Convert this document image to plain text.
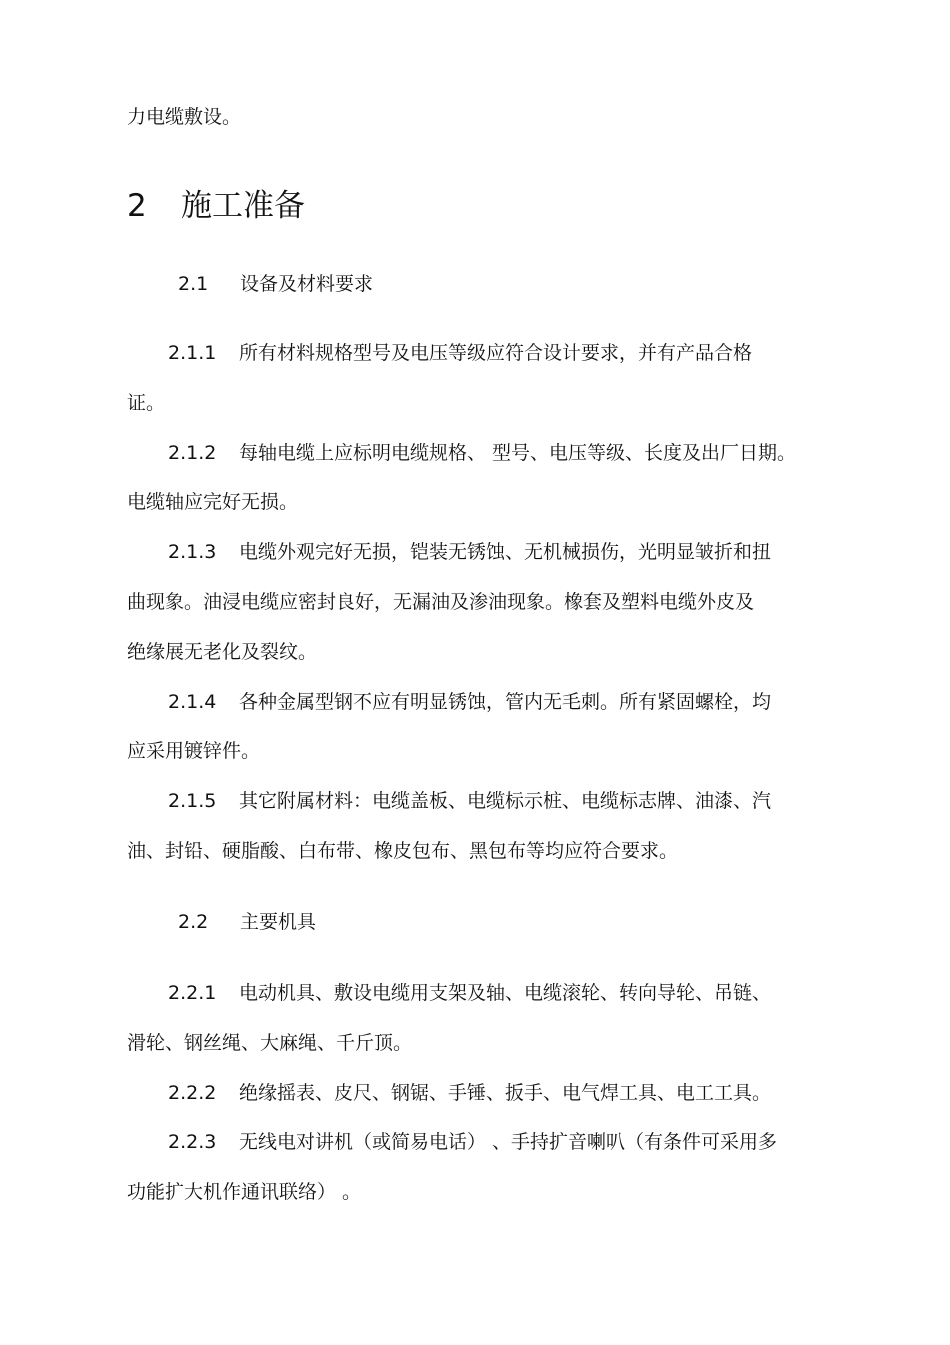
力电缆敷设。

2 施工准备

2.1 设备及材料要求

2.1.1 所有材料规格型号及电压等级应符合设计要求，并有产品合格

证。

2.1.2 每轴电缆上应标明电缆规格、 型号、电压等级、长度及出厂日期。

电缆轴应完好无损。

2.1.3 电缆外观完好无损，铠装无锈蚀、无机械损伤，光明显皱折和扭

曲现象。油浸电缆应密封良好，无漏油及渗油现象。橡套及塑料电缆外皮及

绝缘展无老化及裂纹。

2.1.4 各种金属型钢不应有明显锈蚀，管内无毛刺。所有紧固螺栓，均

应采用镀锌件。

2.1.5 其它附属材料：电缆盖板、电缆标示桩、电缆标志牌、油漆、汽

油、封铅、硬脂酸、白布带、橡皮包布、黑包布等均应符合要求。

2.2 主要机具

2.2.1 电动机具、敷设电缆用支架及轴、电缆滚轮、转向导轮、吊链、

滑轮、钢丝绳、大麻绳、千斤顶。

2.2.2 绝缘摇表、皮尺、钢锯、手锤、扳手、电气焊工具、电工工具。

2.2.3 无线电对讲机（或简易电话） 、手持扩音喇叭（有条件可采用多

功能扩大机作通讯联络） 。
